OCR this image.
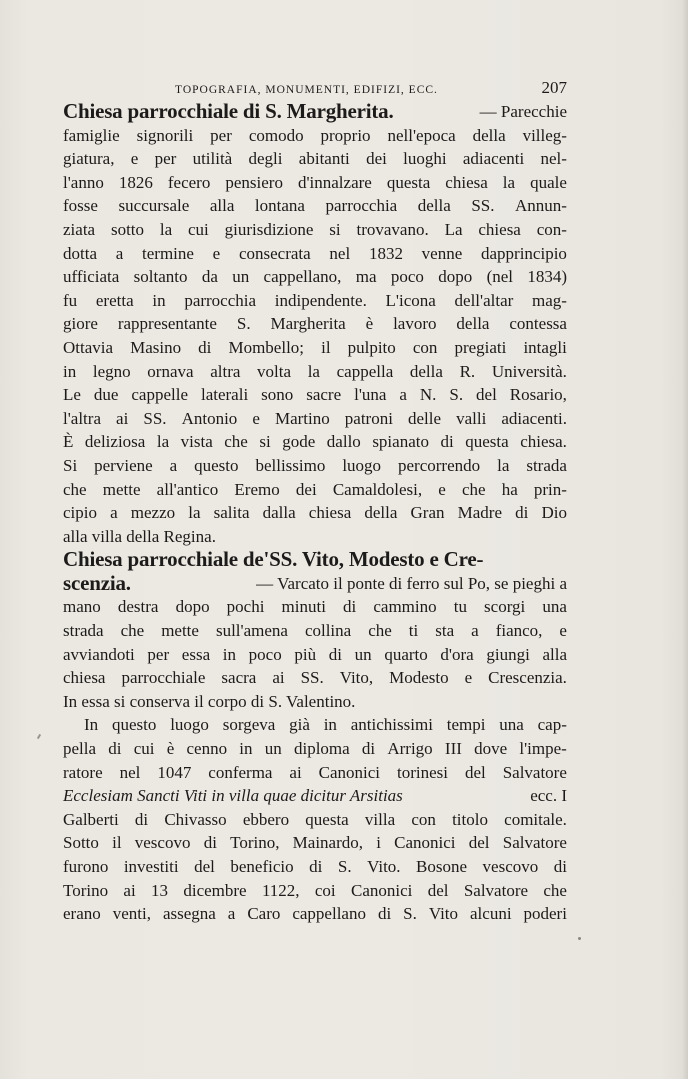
TOPOGRAFIA, MONUMENTI, EDIFIZI, ECC.	207
Chiesa parrocchiale di S. Margherita.	— Parecchie
famiglie signorili per comodo proprio nell'epoca della villeg-
giatura, e per utilità degli abitanti dei luoghi adiacenti nel-
l'anno 1826 fecero pensiero d'innalzare questa chiesa la quale
fosse succursale alla lontana parrocchia della SS. Annun-
ziata sotto la cui giurisdizione si trovavano. La chiesa con-
dotta a termine e consecrata nel 1832 venne dapprincipio
ufficiata soltanto da un cappellano, ma poco dopo (nel 1834)
fu eretta in parrocchia indipendente. L'icona dell'altar mag-
giore rappresentante S. Margherita è lavoro della contessa
Ottavia Masino di Mombello; il pulpito con pregiati intagli
in legno ornava altra volta la cappella della R. Università.
Le due cappelle laterali sono sacre l'una a N. S. del Rosario,
l'altra ai SS. Antonio e Martino patroni delle valli adiacenti.
È deliziosa la vista che si gode dallo spianato di questa chiesa.
Si perviene a questo bellissimo luogo percorrendo la strada
che mette all'antico Eremo dei Camaldolesi, e che ha prin-
cipio a mezzo la salita dalla chiesa della Gran Madre di Dio
alla villa della Regina.
Chiesa parrocchiale de'SS. Vito, Modesto e Cre-
scenzia.	— Varcato il ponte di ferro sul Po, se pieghi a
mano destra dopo pochi minuti di cammino tu scorgi una
strada che mette sull'amena collina che ti sta a fianco, e
avviandoti per essa in poco più di un quarto d'ora giungi alla
chiesa parrocchiale sacra ai SS. Vito, Modesto e Crescenzia.
In essa si conserva il corpo di S. Valentino.
In questo luogo sorgeva già in antichissimi tempi una cap-
pella di cui è cenno in un diploma di Arrigo III dove l'impe-
ratore nel 1047 conferma ai Canonici torinesi del Salvatore
Ecclesiam Sancti Viti in villa quae dicitur Arsitias	ecc. I
Galberti di Chivasso ebbero questa villa con titolo comitale.
Sotto il vescovo di Torino, Mainardo, i Canonici del Salvatore
furono investiti del beneficio di S. Vito. Bosone vescovo di
Torino ai 13 dicembre 1122, coi Canonici del Salvatore che
erano venti, assegna a Caro cappellano di S. Vito alcuni poderi
